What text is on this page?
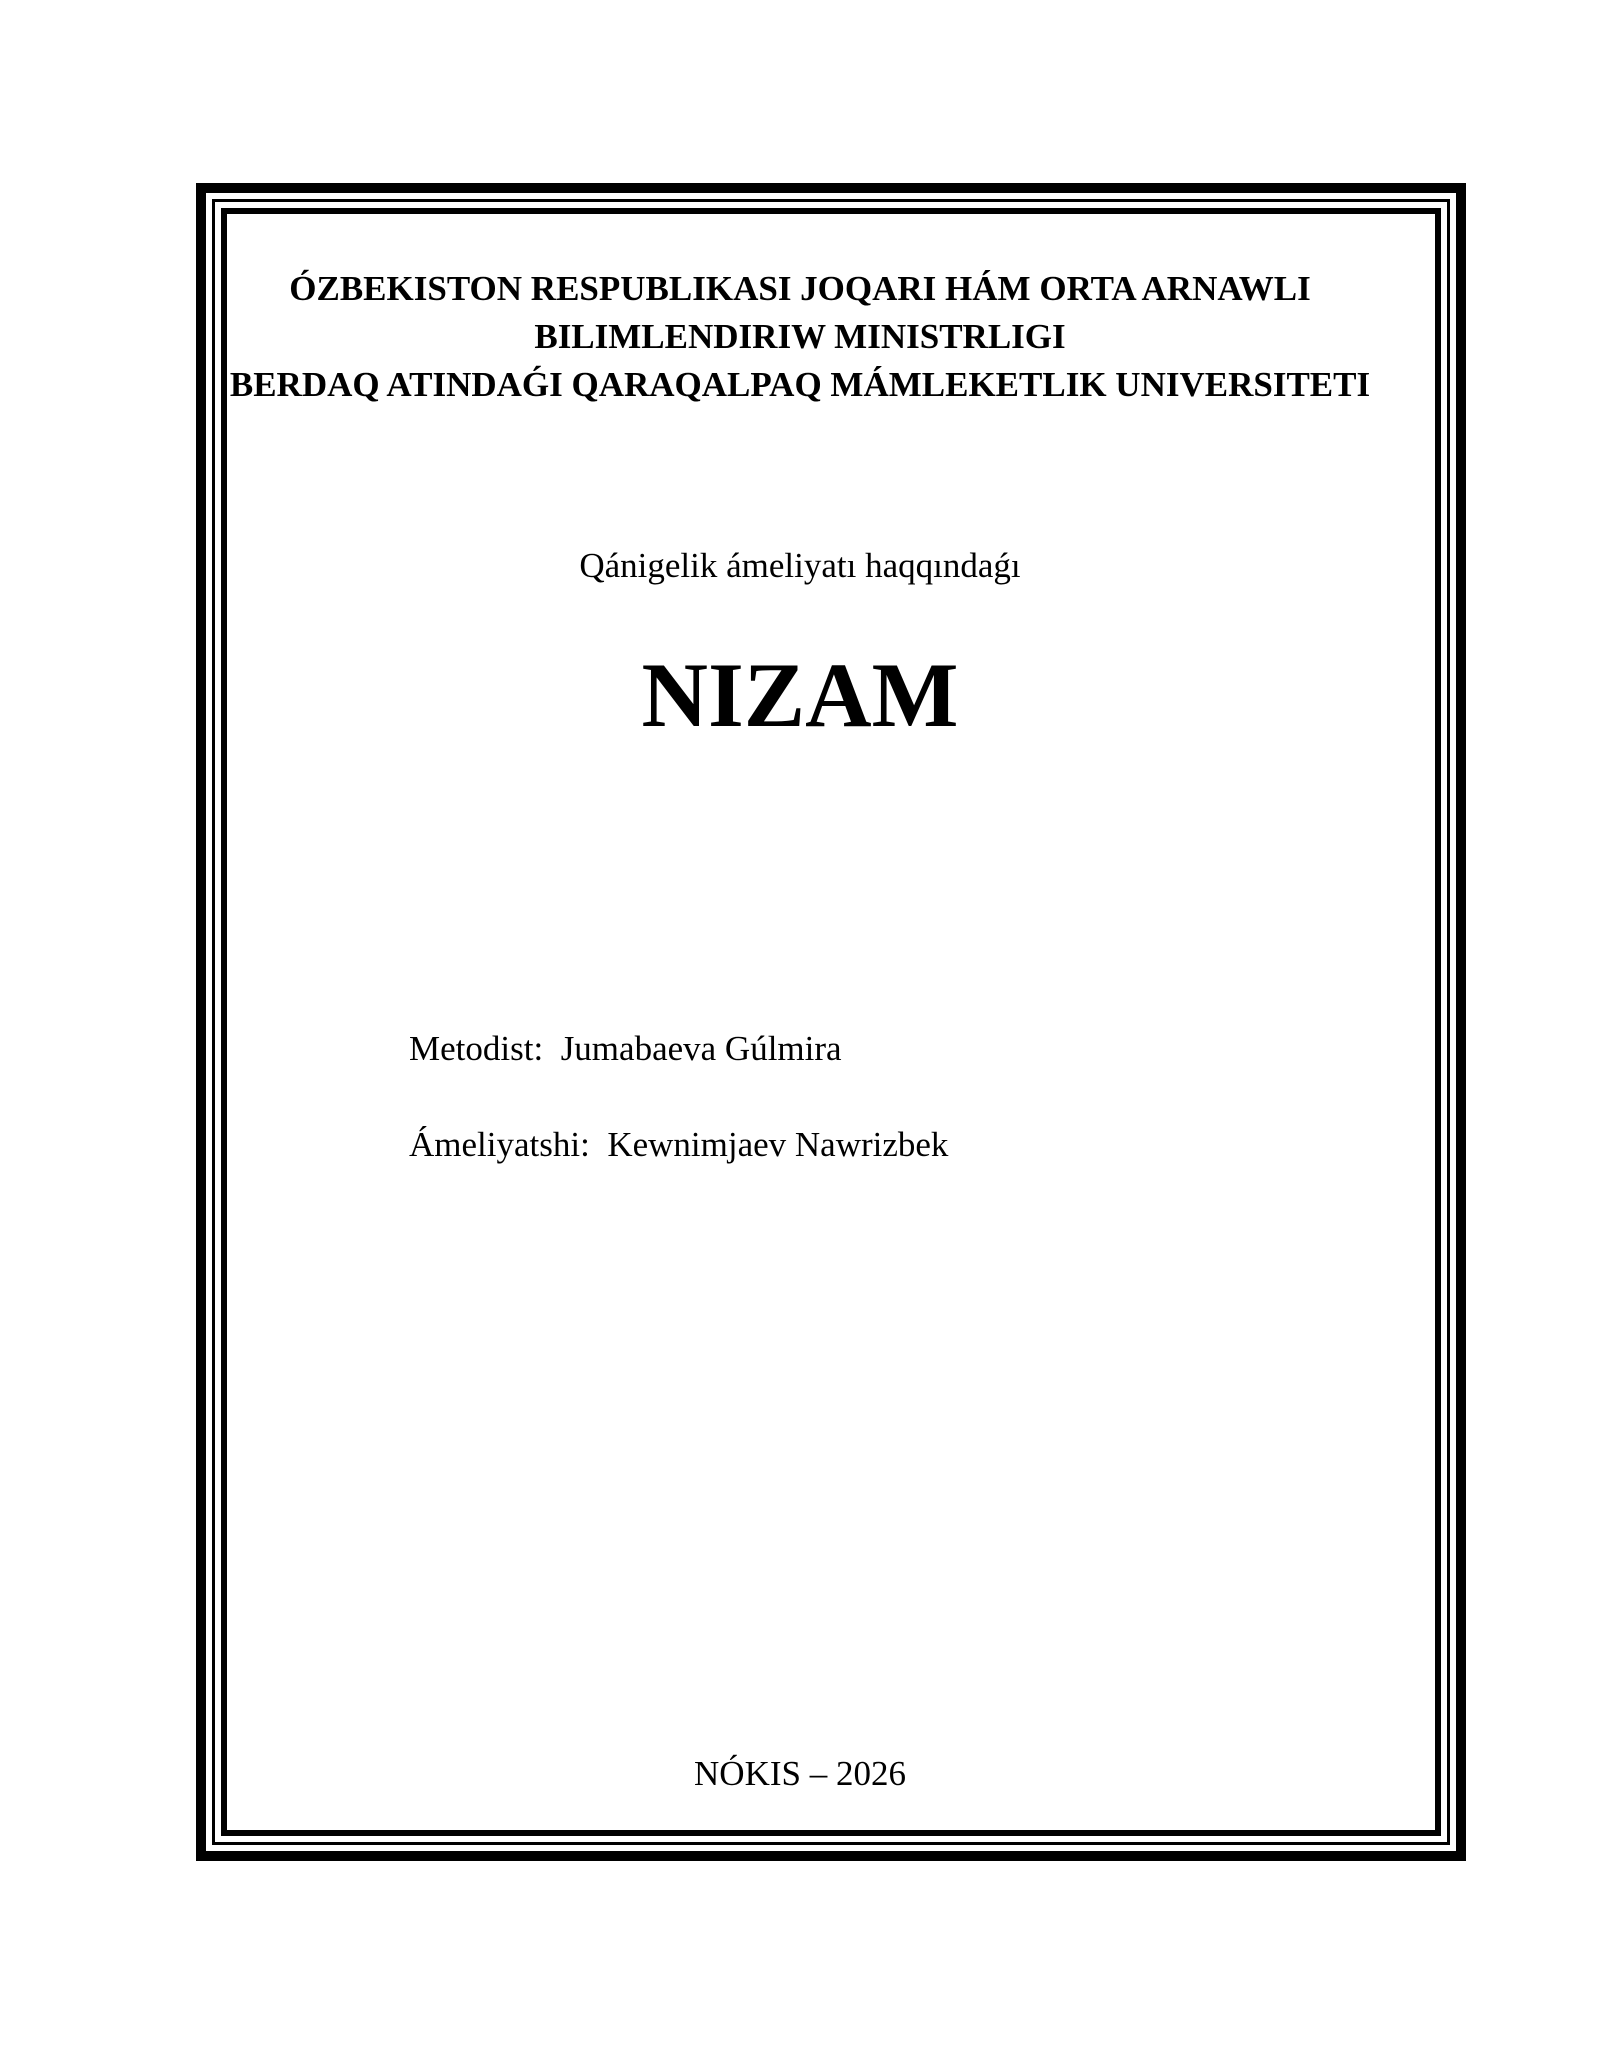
ÓZBEKISTON RESPUBLIKASI JOQARI HÁM ORTA ARNAWLI
BILIMLENDIRIW MINISTRLIGI
BERDAQ ATINDAǴI QARAQALPAQ MÁMLEKETLIK UNIVERSITETI
Qánigelik ámeliyatı haqqındaǵı
NIZAM
Metodist: Jumabaeva Gúlmira
Ámeliyatshi: Kewnimjaev Nawrizbek
NÓKIS – 2026
